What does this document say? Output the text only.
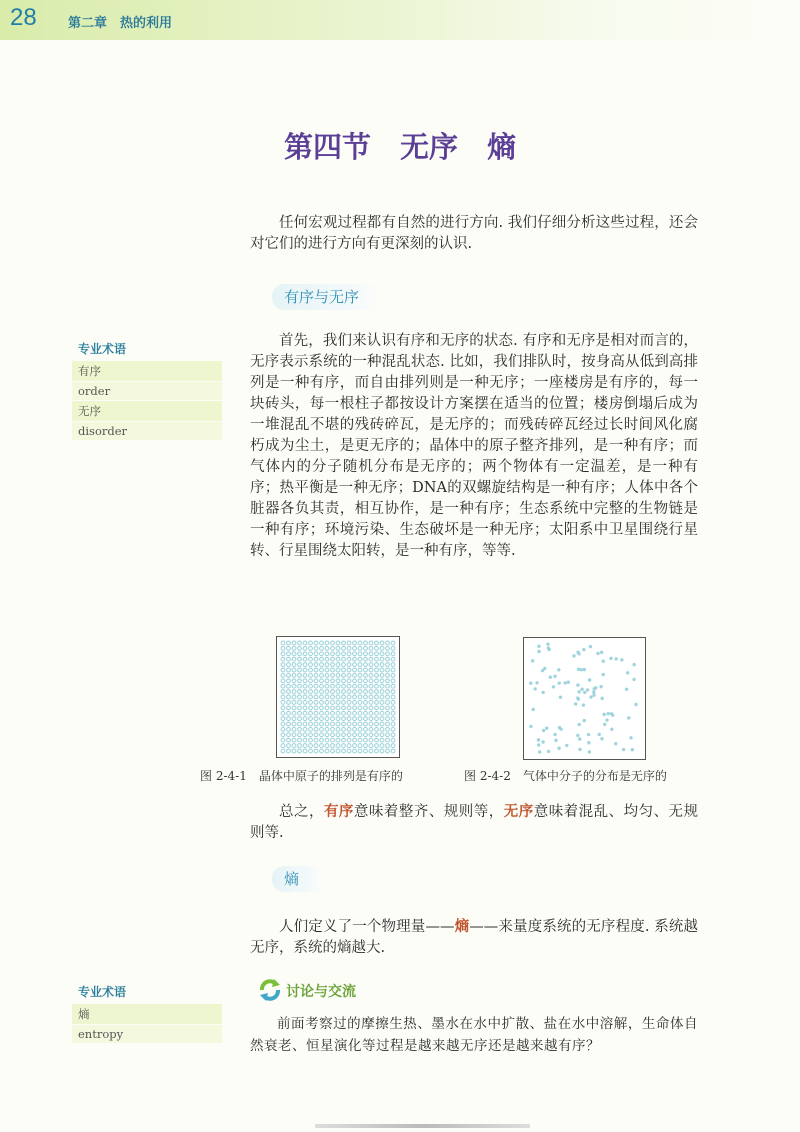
28 第二章　热的利用
第四节　无序　熵

任何宏观过程都有自然的进行方向. 我们仔细分析这些过程，还会对它们的进行方向有更深刻的认识.

有序与无序
专业术语
有序
order
无序
disorder

首先，我们来认识有序和无序的状态. 有序和无序是相对而言的，无序表示系统的一种混乱状态. 比如，我们排队时，按身高从低到高排列是一种有序，而自由排列则是一种无序；一座楼房是有序的，每一块砖头，每一根柱子都按设计方案摆在适当的位置；楼房倒塌后成为一堆混乱不堪的残砖碎瓦，是无序的；而残砖碎瓦经过长时间风化腐朽成为尘土，是更无序的；晶体中的原子整齐排列，是一种有序；而气体内的分子随机分布是无序的；两个物体有一定温差，是一种有序；热平衡是一种无序；DNA的双螺旋结构是一种有序；人体中各个脏器各负其责，相互协作，是一种有序；生态系统中完整的生物链是一种有序；环境污染、生态破坏是一种无序；太阳系中卫星围绕行星转、行星围绕太阳转，是一种有序，等等.

图 2-4-1　晶体中原子的排列是有序的	图 2-4-2　气体中分子的分布是无序的

总之，有序意味着整齐、规则等，无序意味着混乱、均匀、无规则等.

熵

人们定义了一个物理量——熵——来量度系统的无序程度. 系统越无序，系统的熵越大.

专业术语
熵
entropy
讨论与交流

前面考察过的摩擦生热、墨水在水中扩散、盐在水中溶解，生命体自然衰老、恒星演化等过程是越来越无序还是越来越有序？
